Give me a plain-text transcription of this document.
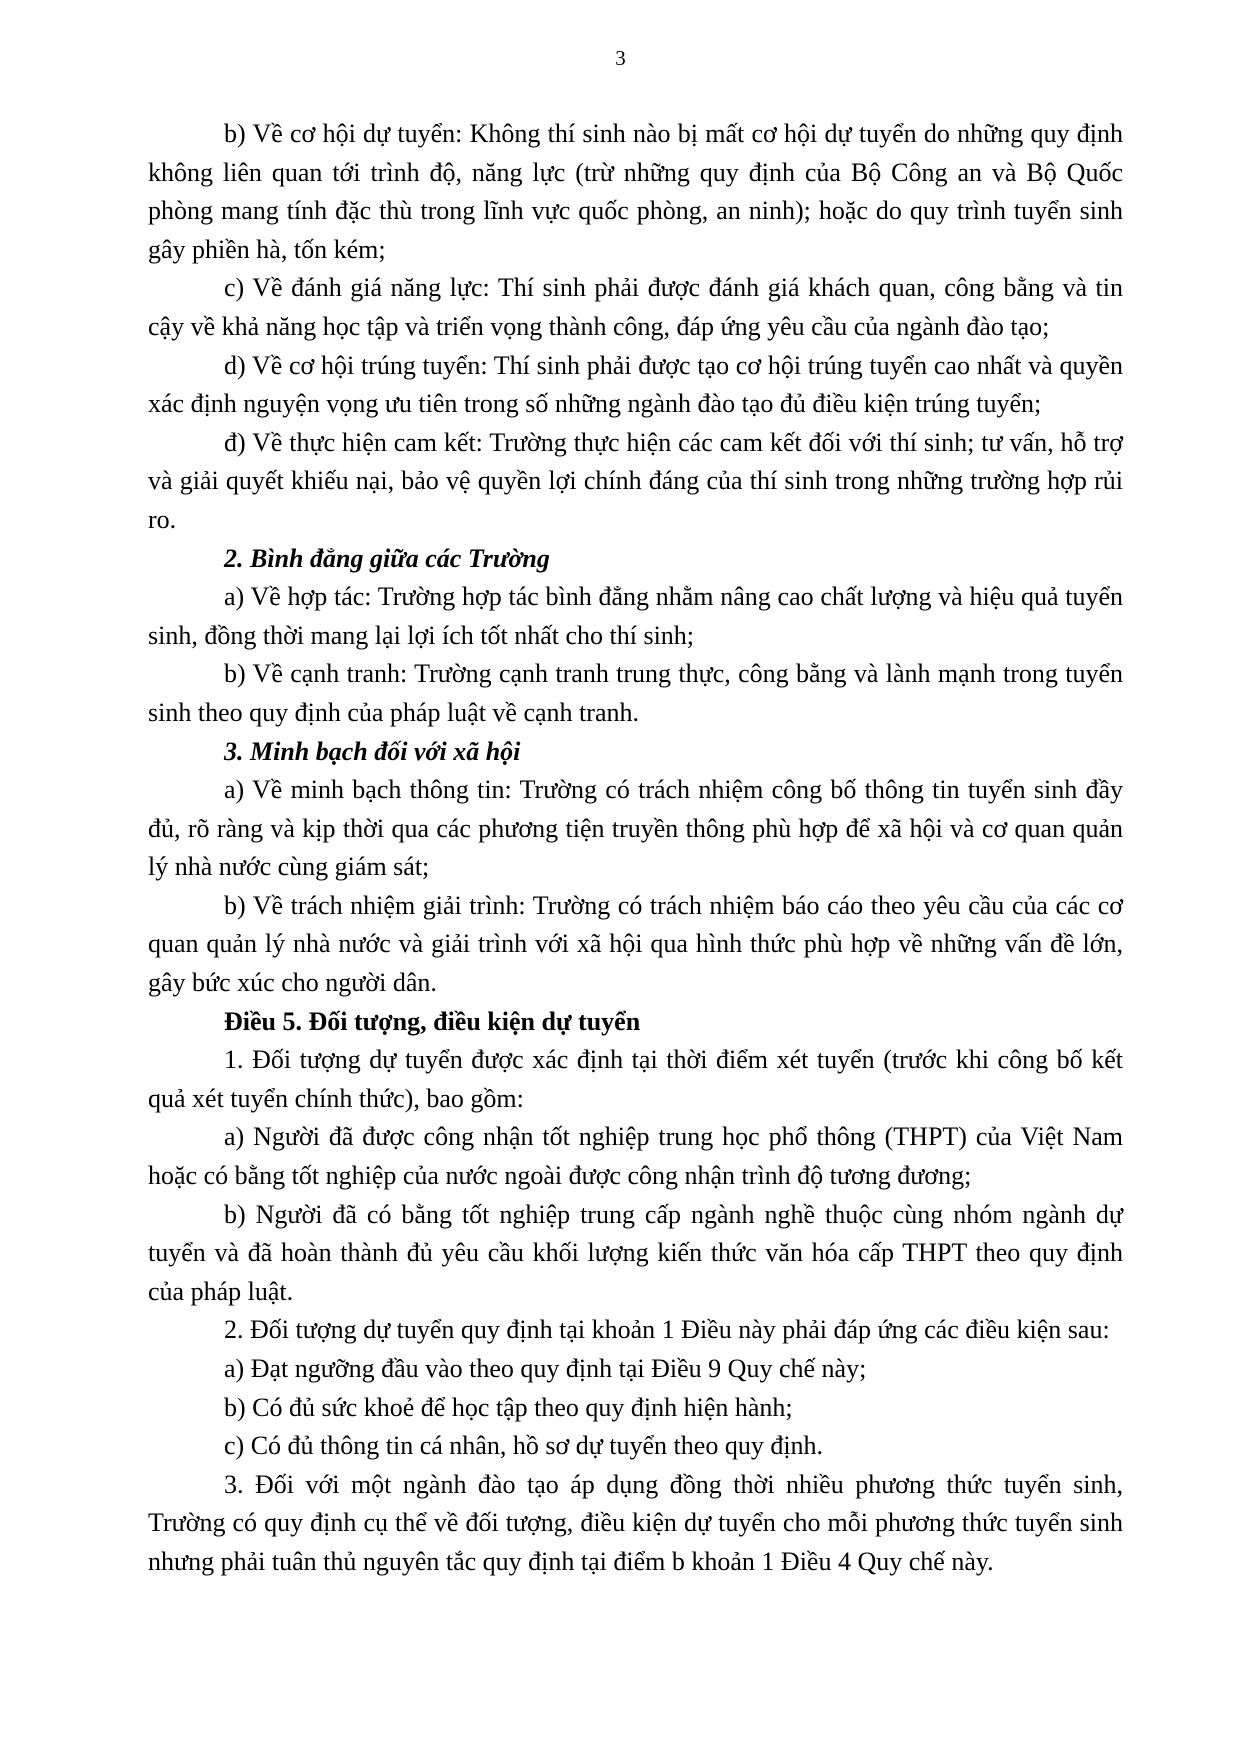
3

b) Về cơ hội dự tuyển: Không thí sinh nào bị mất cơ hội dự tuyển do những quy định không liên quan tới trình độ, năng lực (trừ những quy định của Bộ Công an và Bộ Quốc phòng mang tính đặc thù trong lĩnh vực quốc phòng, an ninh); hoặc do quy trình tuyển sinh gây phiền hà, tốn kém;

c) Về đánh giá năng lực: Thí sinh phải được đánh giá khách quan, công bằng và tin cậy về khả năng học tập và triển vọng thành công, đáp ứng yêu cầu của ngành đào tạo;

d) Về cơ hội trúng tuyển: Thí sinh phải được tạo cơ hội trúng tuyển cao nhất và quyền xác định nguyện vọng ưu tiên trong số những ngành đào tạo đủ điều kiện trúng tuyển;

đ) Về thực hiện cam kết: Trường thực hiện các cam kết đối với thí sinh; tư vấn, hỗ trợ và giải quyết khiếu nại, bảo vệ quyền lợi chính đáng của thí sinh trong những trường hợp rủi ro.

2. Bình đẳng giữa các Trường

a) Về hợp tác: Trường hợp tác bình đẳng nhằm nâng cao chất lượng và hiệu quả tuyển sinh, đồng thời mang lại lợi ích tốt nhất cho thí sinh;

b) Về cạnh tranh: Trường cạnh tranh trung thực, công bằng và lành mạnh trong tuyển sinh theo quy định của pháp luật về cạnh tranh.

3. Minh bạch đối với xã hội

a) Về minh bạch thông tin: Trường có trách nhiệm công bố thông tin tuyển sinh đầy đủ, rõ ràng và kịp thời qua các phương tiện truyền thông phù hợp để xã hội và cơ quan quản lý nhà nước cùng giám sát;

b) Về trách nhiệm giải trình: Trường có trách nhiệm báo cáo theo yêu cầu của các cơ quan quản lý nhà nước và giải trình với xã hội qua hình thức phù hợp về những vấn đề lớn, gây bức xúc cho người dân.

Điều 5. Đối tượng, điều kiện dự tuyển

1. Đối tượng dự tuyển được xác định tại thời điểm xét tuyển (trước khi công bố kết quả xét tuyển chính thức), bao gồm:

a) Người đã được công nhận tốt nghiệp trung học phổ thông (THPT) của Việt Nam hoặc có bằng tốt nghiệp của nước ngoài được công nhận trình độ tương đương;

b) Người đã có bằng tốt nghiệp trung cấp ngành nghề thuộc cùng nhóm ngành dự tuyển và đã hoàn thành đủ yêu cầu khối lượng kiến thức văn hóa cấp THPT theo quy định của pháp luật.

2. Đối tượng dự tuyển quy định tại khoản 1 Điều này phải đáp ứng các điều kiện sau:

a) Đạt ngưỡng đầu vào theo quy định tại Điều 9 Quy chế này;

b) Có đủ sức khoẻ để học tập theo quy định hiện hành;

c) Có đủ thông tin cá nhân, hồ sơ dự tuyển theo quy định.

3. Đối với một ngành đào tạo áp dụng đồng thời nhiều phương thức tuyển sinh, Trường có quy định cụ thể về đối tượng, điều kiện dự tuyển cho mỗi phương thức tuyển sinh nhưng phải tuân thủ nguyên tắc quy định tại điểm b khoản 1 Điều 4 Quy chế này.
